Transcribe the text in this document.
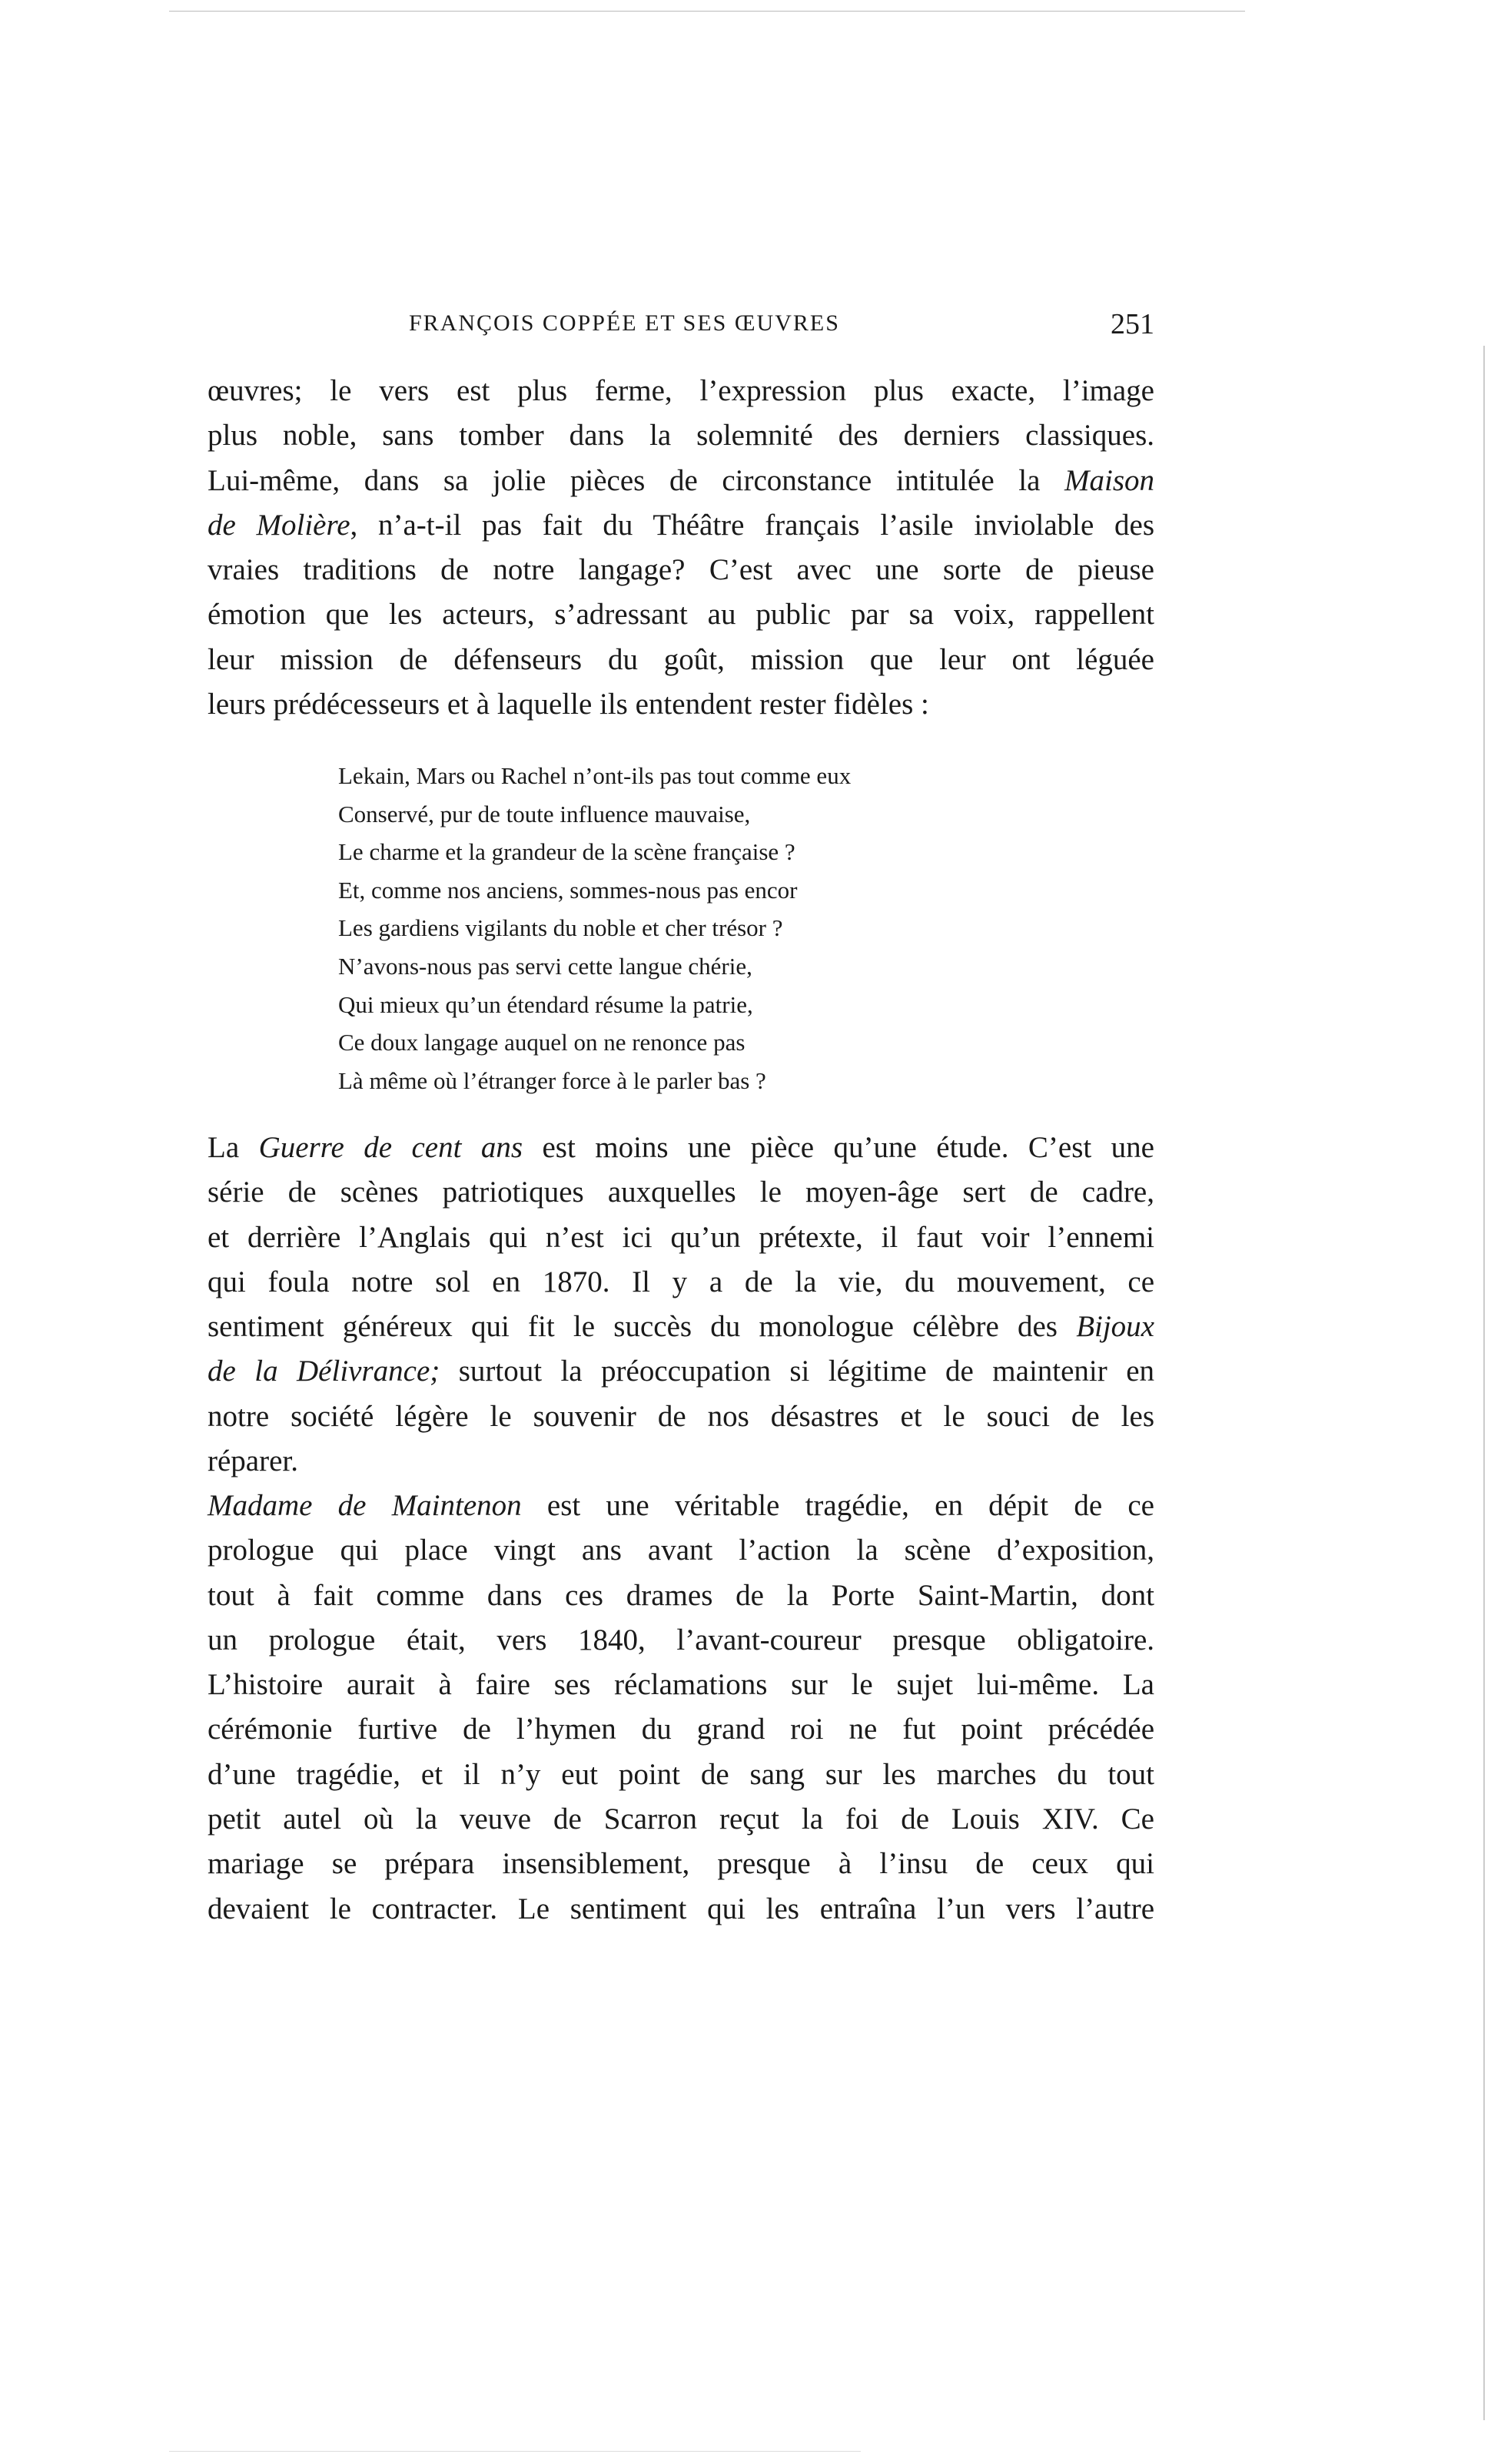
FRANÇOIS COPPÉE ET SES ŒUVRES	251
œuvres; le vers est plus ferme, l’expression plus exacte, l’image
plus noble, sans tomber dans la solemnité des derniers classiques.
Lui-même, dans sa jolie pièces de circonstance intitulée la Maison
de Molière, n’a-t-il pas fait du Théâtre français l’asile inviolable des
vraies traditions de notre langage? C’est avec une sorte de pieuse
émotion que les acteurs, s’adressant au public par sa voix, rappellent
leur mission de défenseurs du goût, mission que leur ont léguée
leurs prédécesseurs et à laquelle ils entendent rester fidèles :
Lekain, Mars ou Rachel n’ont-ils pas tout comme eux
Conservé, pur de toute influence mauvaise,
Le charme et la grandeur de la scène française ?
Et, comme nos anciens, sommes-nous pas encor
Les gardiens vigilants du noble et cher trésor ?
N’avons-nous pas servi cette langue chérie,
Qui mieux qu’un étendard résume la patrie,
Ce doux langage auquel on ne renonce pas
Là même où l’étranger force à le parler bas ?
La Guerre de cent ans est moins une pièce qu’une étude. C’est une
série de scènes patriotiques auxquelles le moyen-âge sert de cadre,
et derrière l’Anglais qui n’est ici qu’un prétexte, il faut voir l’ennemi
qui foula notre sol en 1870. Il y a de la vie, du mouvement, ce
sentiment généreux qui fit le succès du monologue célèbre des Bijoux
de la Délivrance; surtout la préoccupation si légitime de maintenir en
notre société légère le souvenir de nos désastres et le souci de les
réparer.
Madame de Maintenon est une véritable tragédie, en dépit de ce
prologue qui place vingt ans avant l’action la scène d’exposition,
tout à fait comme dans ces drames de la Porte Saint-Martin, dont
un prologue était, vers 1840, l’avant-coureur presque obligatoire.
L’histoire aurait à faire ses réclamations sur le sujet lui-même. La
cérémonie furtive de l’hymen du grand roi ne fut point précédée
d’une tragédie, et il n’y eut point de sang sur les marches du tout
petit autel où la veuve de Scarron reçut la foi de Louis XIV. Ce
mariage se prépara insensiblement, presque à l’insu de ceux qui
devaient le contracter. Le sentiment qui les entraîna l’un vers l’autre
